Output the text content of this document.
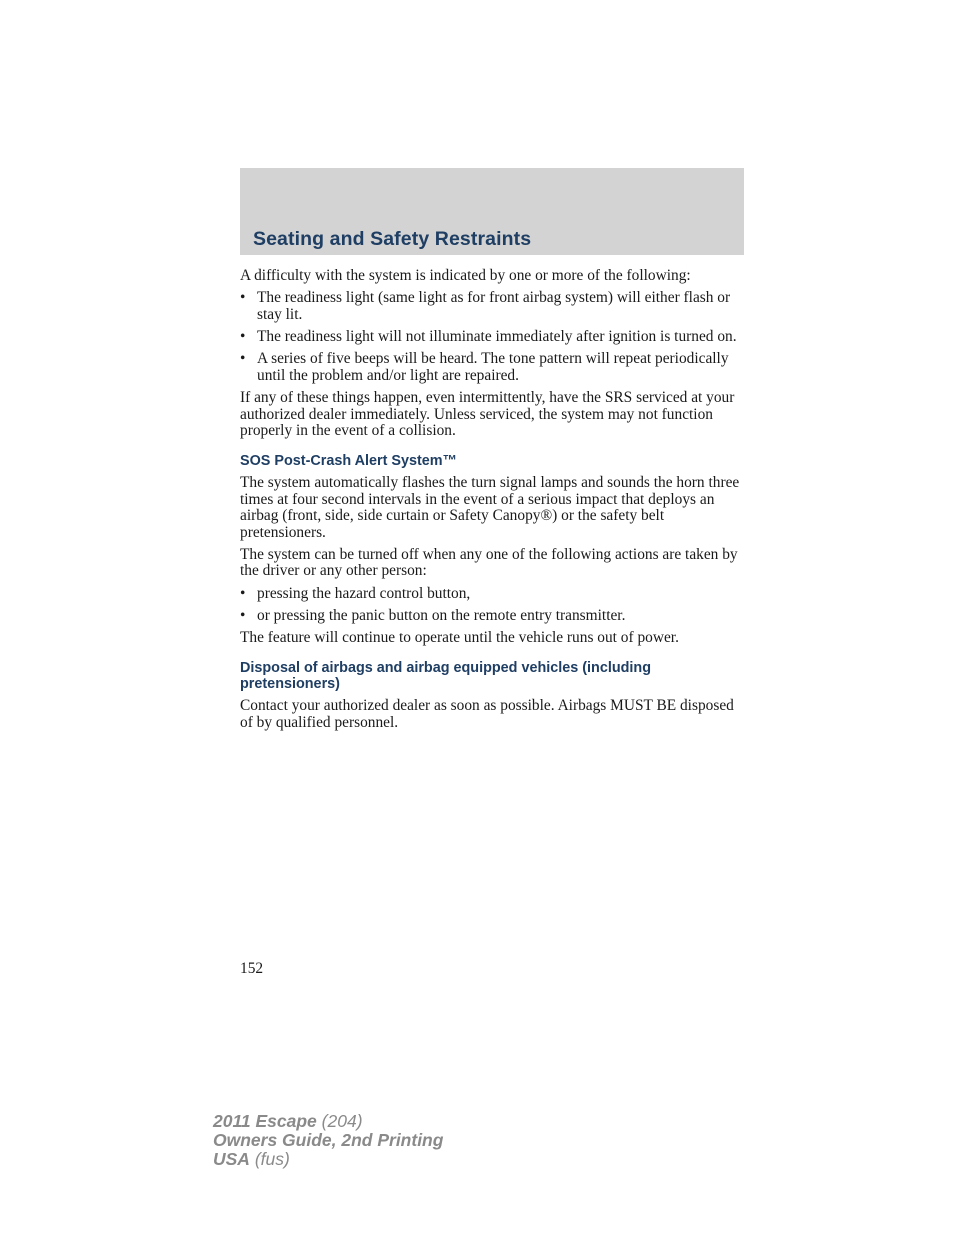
Seating and Safety Restraints

A difficulty with the system is indicated by one or more of the following:

• The readiness light (same light as for front airbag system) will either flash or stay lit.
• The readiness light will not illuminate immediately after ignition is turned on.
• A series of five beeps will be heard. The tone pattern will repeat periodically until the problem and/or light are repaired.

If any of these things happen, even intermittently, have the SRS serviced at your authorized dealer immediately. Unless serviced, the system may not function properly in the event of a collision.

SOS Post-Crash Alert System™

The system automatically flashes the turn signal lamps and sounds the horn three times at four second intervals in the event of a serious impact that deploys an airbag (front, side, side curtain or Safety Canopy®) or the safety belt pretensioners.

The system can be turned off when any one of the following actions are taken by the driver or any other person:

• pressing the hazard control button,
• or pressing the panic button on the remote entry transmitter.

The feature will continue to operate until the vehicle runs out of power.

Disposal of airbags and airbag equipped vehicles (including pretensioners)

Contact your authorized dealer as soon as possible. Airbags MUST BE disposed of by qualified personnel.

152
2011 Escape (204)
Owners Guide, 2nd Printing
USA (fus)
